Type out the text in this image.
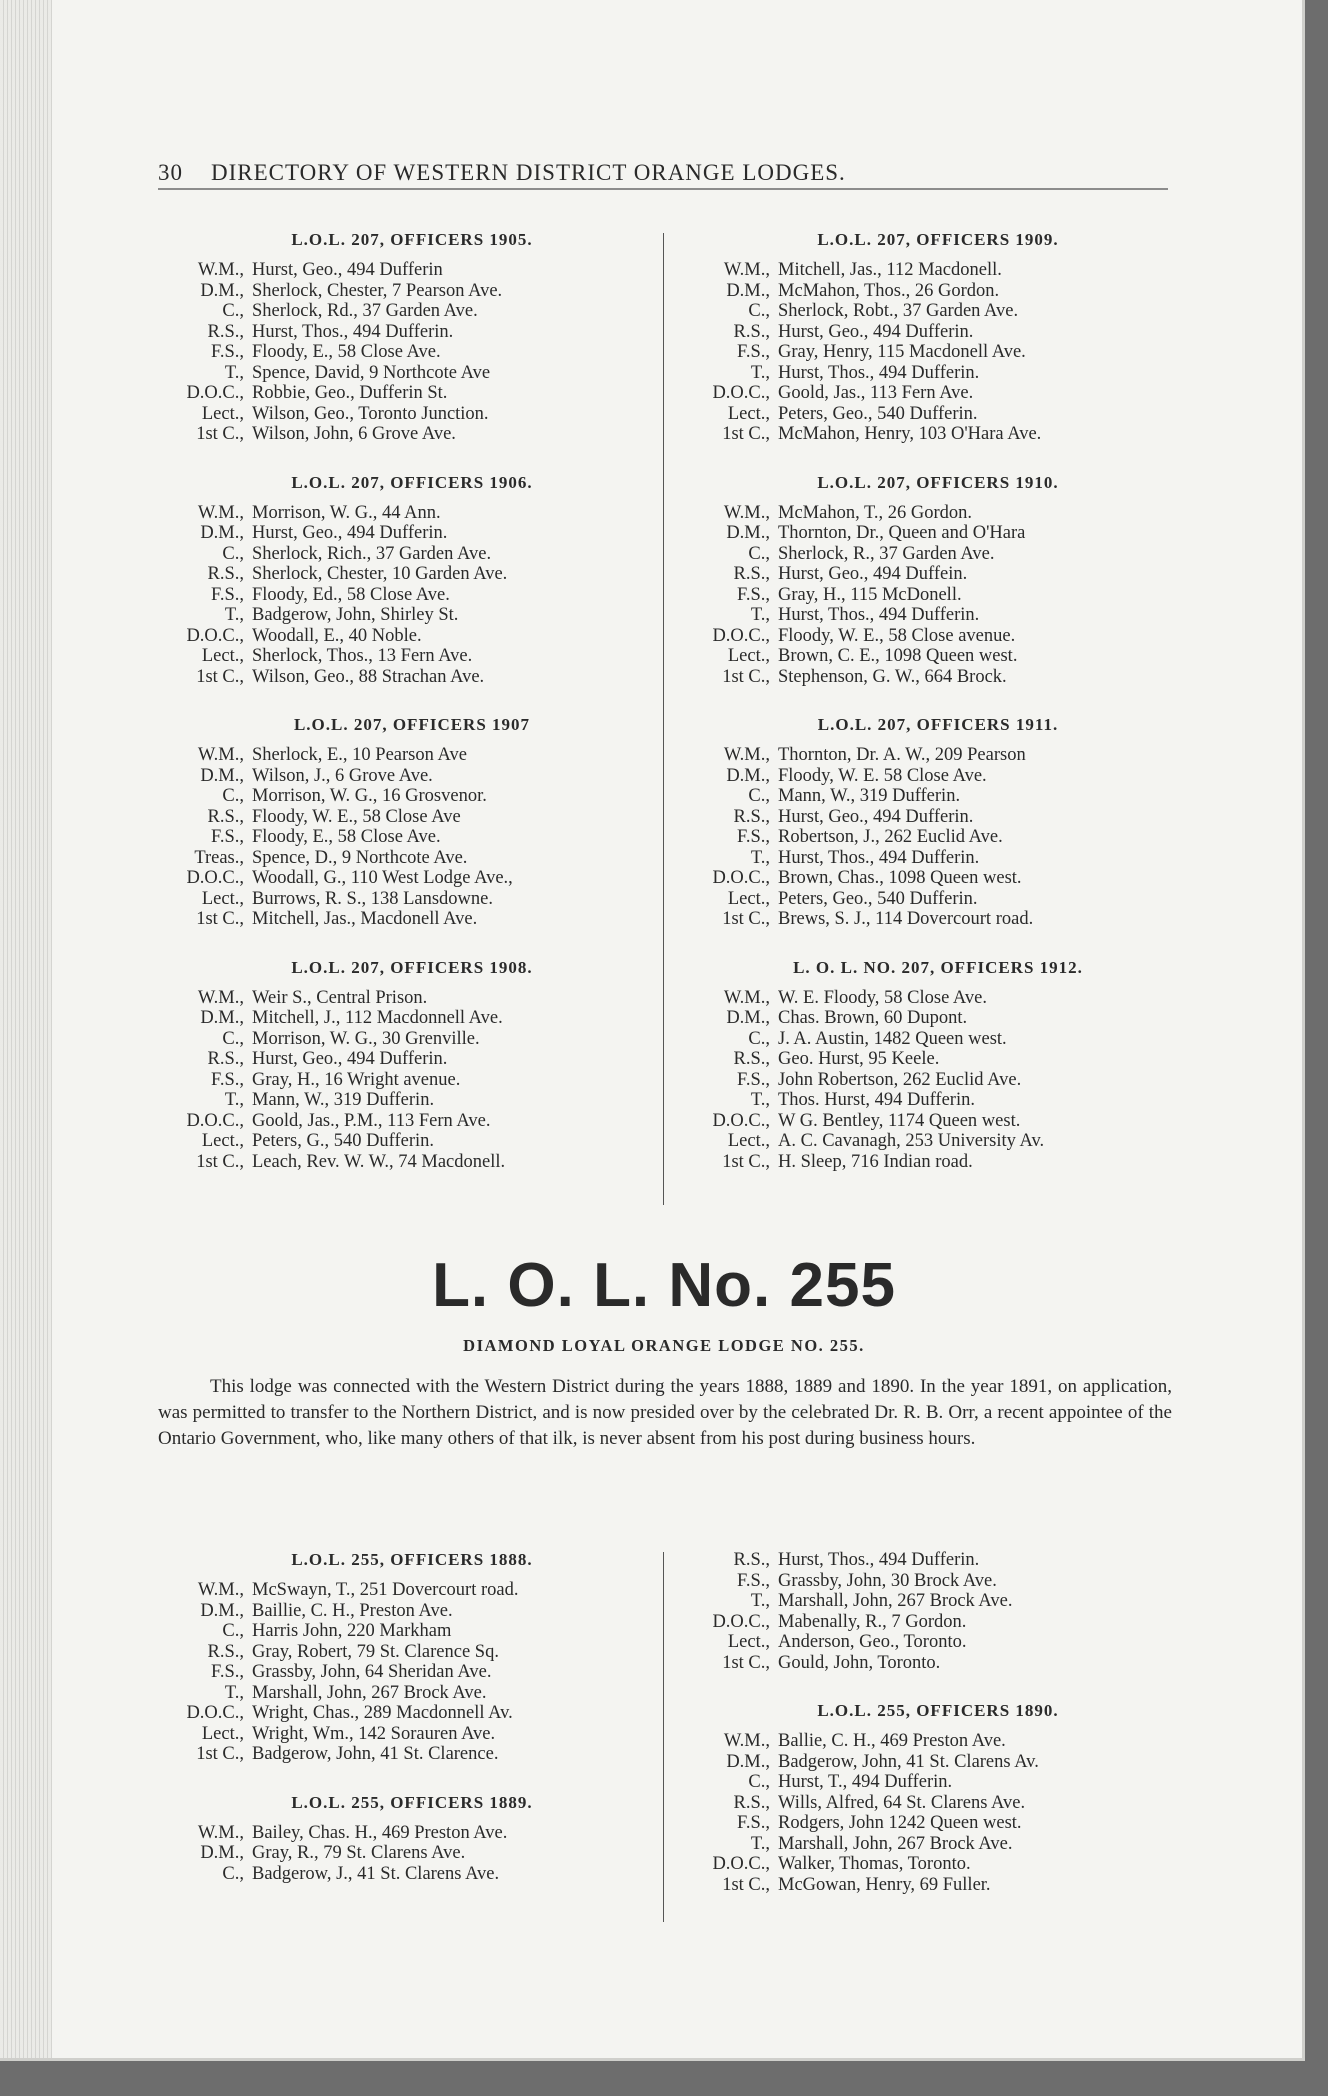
30 DIRECTORY OF WESTERN DISTRICT ORANGE LODGES.
L.O.L. 207, OFFICERS 1905.
W.M., Hurst, Geo., 494 Dufferin
D.M., Sherlock, Chester, 7 Pearson Ave.
C., Sherlock, Rd., 37 Garden Ave.
R.S., Hurst, Thos., 494 Dufferin.
F.S., Floody, E., 58 Close Ave.
T., Spence, David, 9 Northcote Ave
D.O.C., Robbie, Geo., Dufferin St.
Lect., Wilson, Geo., Toronto Junction.
1st C., Wilson, John, 6 Grove Ave.
L.O.L. 207, OFFICERS 1906.
W.M., Morrison, W. G., 44 Ann.
D.M., Hurst, Geo., 494 Dufferin.
C., Sherlock, Rich., 37 Garden Ave.
R.S., Sherlock, Chester, 10 Garden Ave.
F.S., Floody, Ed., 58 Close Ave.
T., Badgerow, John, Shirley St.
D.O.C., Woodall, E., 40 Noble.
Lect., Sherlock, Thos., 13 Fern Ave.
1st C., Wilson, Geo., 88 Strachan Ave.
L.O.L. 207, OFFICERS 1907
W.M., Sherlock, E., 10 Pearson Ave
D.M., Wilson, J., 6 Grove Ave.
C., Morrison, W. G., 16 Grosvenor.
R.S., Floody, W. E., 58 Close Ave
F.S., Floody, E., 58 Close Ave.
Treas., Spence, D., 9 Northcote Ave.
D.O.C., Woodall, G., 110 West Lodge Ave.,
Lect., Burrows, R. S., 138 Lansdowne.
1st C., Mitchell, Jas., Macdonell Ave.
L.O.L. 207, OFFICERS 1908.
W.M., Weir S., Central Prison.
D.M., Mitchell, J., 112 Macdonnell Ave.
C., Morrison, W. G., 30 Grenville.
R.S., Hurst, Geo., 494 Dufferin.
F.S., Gray, H., 16 Wright avenue.
T., Mann, W., 319 Dufferin.
D.O.C., Goold, Jas., P.M., 113 Fern Ave.
Lect., Peters, G., 540 Dufferin.
1st C., Leach, Rev. W. W., 74 Macdonell.
L.O.L. 207, OFFICERS 1909.
W.M., Mitchell, Jas., 112 Macdonell.
D.M., McMahon, Thos., 26 Gordon.
C., Sherlock, Robt., 37 Garden Ave.
R.S., Hurst, Geo., 494 Dufferin.
F.S., Gray, Henry, 115 Macdonell Ave.
T., Hurst, Thos., 494 Dufferin.
D.O.C., Goold, Jas., 113 Fern Ave.
Lect., Peters, Geo., 540 Dufferin.
1st C., McMahon, Henry, 103 O'Hara Ave.
L.O.L. 207, OFFICERS 1910.
W.M., McMahon, T., 26 Gordon.
D.M., Thornton, Dr., Queen and O'Hara
C., Sherlock, R., 37 Garden Ave.
R.S., Hurst, Geo., 494 Duffein.
F.S., Gray, H., 115 McDonell.
T., Hurst, Thos., 494 Dufferin.
D.O.C., Floody, W. E., 58 Close avenue.
Lect., Brown, C. E., 1098 Queen west.
1st C., Stephenson, G. W., 664 Brock.
L.O.L. 207, OFFICERS 1911.
W.M., Thornton, Dr. A. W., 209 Pearson
D.M., Floody, W. E. 58 Close Ave.
C., Mann, W., 319 Dufferin.
R.S., Hurst, Geo., 494 Dufferin.
F.S., Robertson, J., 262 Euclid Ave.
T., Hurst, Thos., 494 Dufferin.
D.O.C., Brown, Chas., 1098 Queen west.
Lect., Peters, Geo., 540 Dufferin.
1st C., Brews, S. J., 114 Dovercourt road.
L. O. L. NO. 207, OFFICERS 1912.
W.M., W. E. Floody, 58 Close Ave.
D.M., Chas. Brown, 60 Dupont.
C., J. A. Austin, 1482 Queen west.
R.S., Geo. Hurst, 95 Keele.
F.S., John Robertson, 262 Euclid Ave.
T., Thos. Hurst, 494 Dufferin.
D.O.C., W G. Bentley, 1174 Queen west.
Lect., A. C. Cavanagh, 253 University Av.
1st C., H. Sleep, 716 Indian road.
L. O. L. No. 255
DIAMOND LOYAL ORANGE LODGE NO. 255.
This lodge was connected with the Western District during the years 1888, 1889 and 1890. In the year 1891, on application, was permitted to transfer to the Northern District, and is now presided over by the celebrated Dr. R. B. Orr, a recent appointee of the Ontario Government, who, like many others of that ilk, is never absent from his post during business hours.
L.O.L. 255, OFFICERS 1888.
W.M., McSwayn, T., 251 Dovercourt road.
D.M., Baillie, C. H., Preston Ave.
C., Harris John, 220 Markham
R.S., Gray, Robert, 79 St. Clarence Sq.
F.S., Grassby, John, 64 Sheridan Ave.
T., Marshall, John, 267 Brock Ave.
D.O.C., Wright, Chas., 289 Macdonnell Av.
Lect., Wright, Wm., 142 Sorauren Ave.
1st C., Badgerow, John, 41 St. Clarence.
L.O.L. 255, OFFICERS 1889.
W.M., Bailey, Chas. H., 469 Preston Ave.
D.M., Gray, R., 79 St. Clarens Ave.
C., Badgerow, J., 41 St. Clarens Ave.
R.S., Hurst, Thos., 494 Dufferin.
F.S., Grassby, John, 30 Brock Ave.
T., Marshall, John, 267 Brock Ave.
D.O.C., Mabenally, R., 7 Gordon.
Lect., Anderson, Geo., Toronto.
1st C., Gould, John, Toronto.
L.O.L. 255, OFFICERS 1890.
W.M., Ballie, C. H., 469 Preston Ave.
D.M., Badgerow, John, 41 St. Clarens Av.
C., Hurst, T., 494 Dufferin.
R.S., Wills, Alfred, 64 St. Clarens Ave.
F.S., Rodgers, John 1242 Queen west.
T., Marshall, John, 267 Brock Ave.
D.O.C., Walker, Thomas, Toronto.
1st C., McGowan, Henry, 69 Fuller.
